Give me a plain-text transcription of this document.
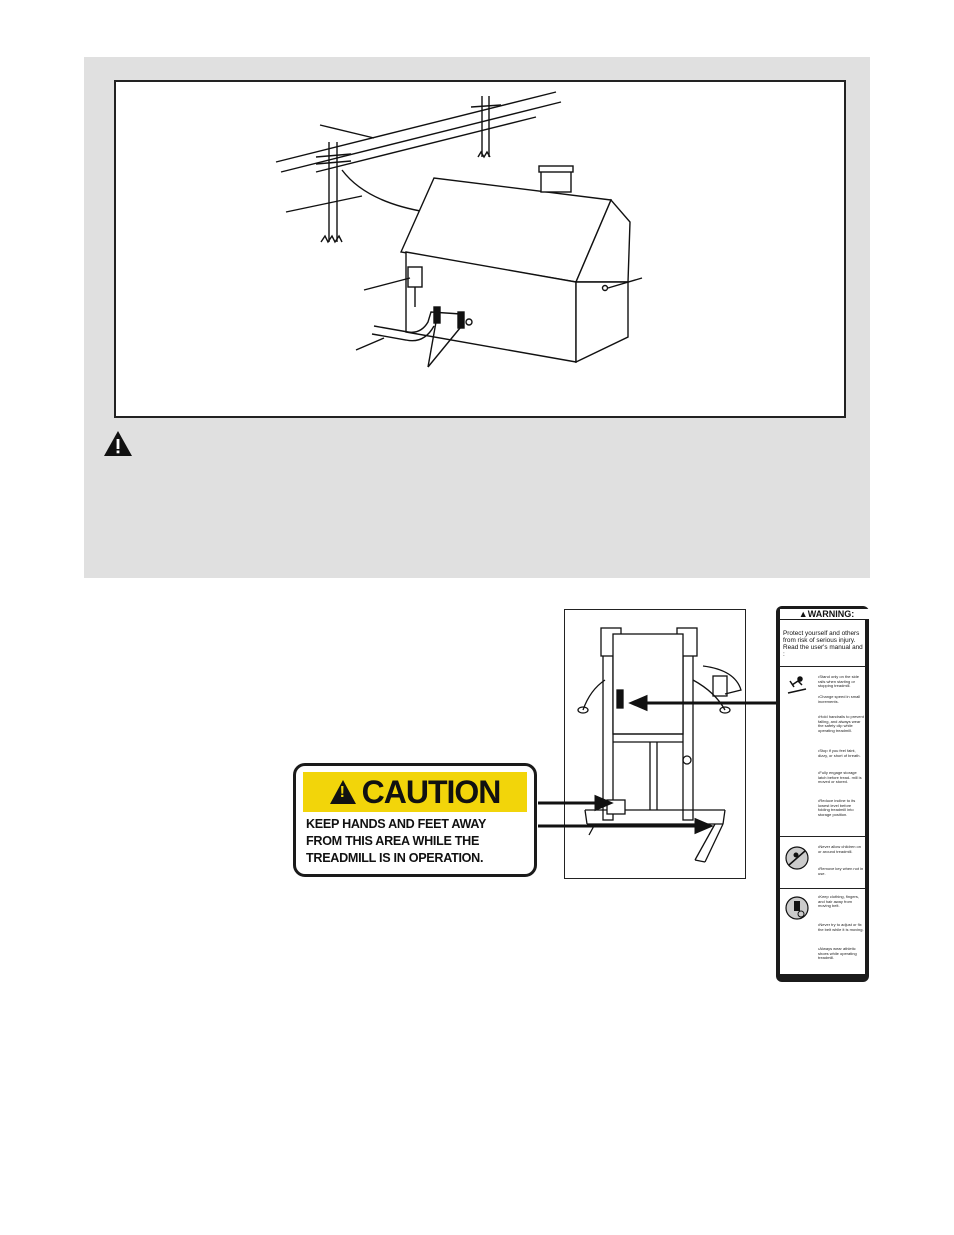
! CAUTION
KEEP HANDS AND FEET AWAY
FROM THIS AREA WHILE THE
TREADMILL IS IN OPERATION.
▲WARNING:
Protect yourself and others from risk of serious injury. Read the user's manual and :
•Stand only on the side rails when starting or stopping treadmill.
•Change speed in small increments.
•Hold handrails to prevent falling, and always wear the safety clip while operating treadmill.
•Stop if you feel faint, dizzy, or short of breath.
•Fully engage storage latch before tread- mill is moved or stored.
•Reduce incline to its lowest level before folding treadmill into storage position.
•Never allow children on or around treadmill.
•Remove key when not in use.
•Keep clothing, fingers, and hair away from moving belt.
•Never try to adjust or fix the belt while it is moving.
•Always wear athletic shoes while operating treadmill.
